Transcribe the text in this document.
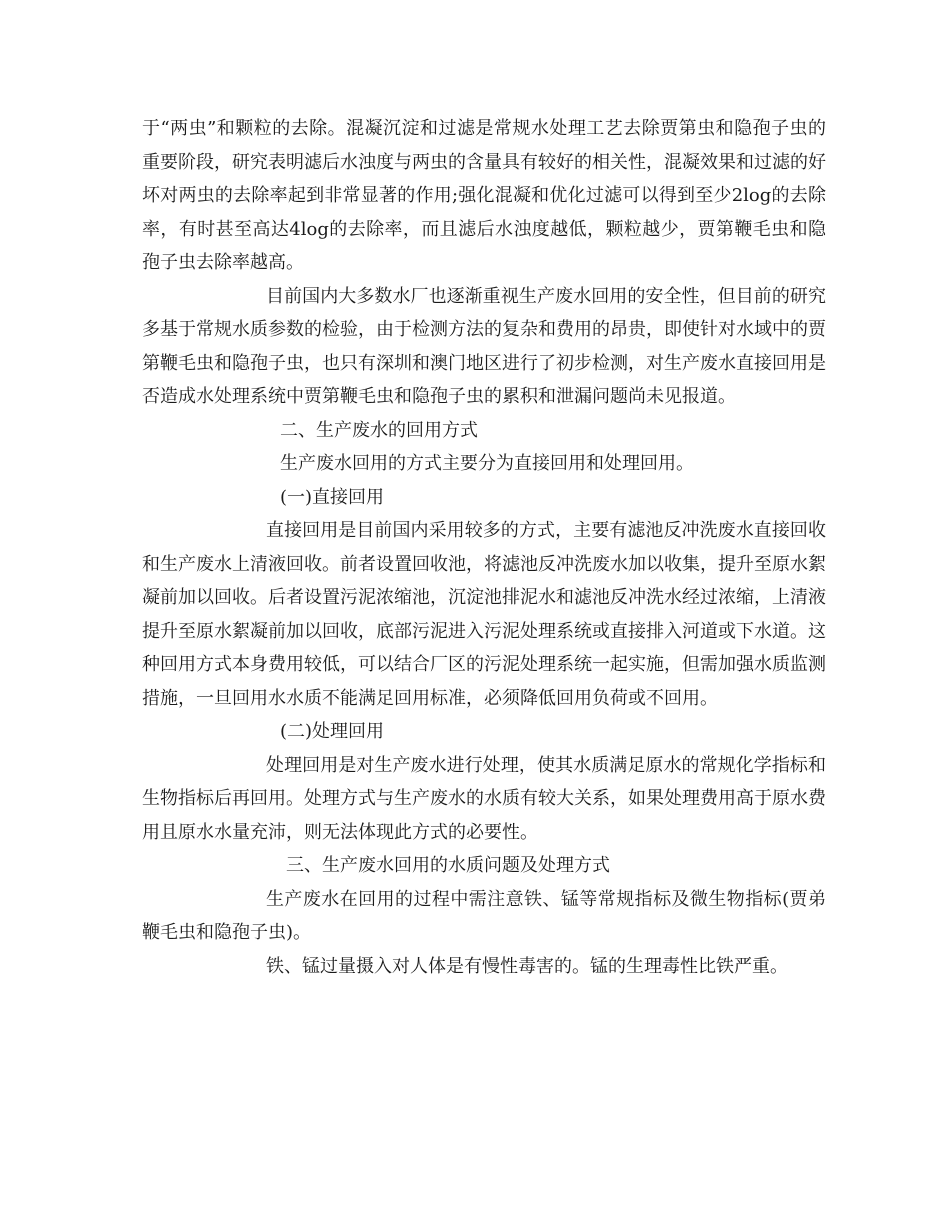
于“两虫”和颗粒的去除。混凝沉淀和过滤是常规水处理工艺去除贾第虫和隐孢子虫的重要阶段，研究表明滤后水浊度与两虫的含量具有较好的相关性，混凝效果和过滤的好坏对两虫的去除率起到非常显著的作用;强化混凝和优化过滤可以得到至少2log的去除率，有时甚至高达4log的去除率，而且滤后水浊度越低，颗粒越少，贾第鞭毛虫和隐孢子虫去除率越高。

目前国内大多数水厂也逐渐重视生产废水回用的安全性，但目前的研究多基于常规水质参数的检验，由于检测方法的复杂和费用的昂贵，即使针对水域中的贾第鞭毛虫和隐孢子虫，也只有深圳和澳门地区进行了初步检测，对生产废水直接回用是否造成水处理系统中贾第鞭毛虫和隐孢子虫的累积和泄漏问题尚未见报道。

二、生产废水的回用方式

生产废水回用的方式主要分为直接回用和处理回用。

(一)直接回用

直接回用是目前国内采用较多的方式，主要有滤池反冲洗废水直接回收和生产废水上清液回收。前者设置回收池，将滤池反冲洗废水加以收集，提升至原水絮凝前加以回收。后者设置污泥浓缩池，沉淀池排泥水和滤池反冲洗水经过浓缩，上清液提升至原水絮凝前加以回收，底部污泥进入污泥处理系统或直接排入河道或下水道。这种回用方式本身费用较低，可以结合厂区的污泥处理系统一起实施，但需加强水质监测措施，一旦回用水水质不能满足回用标准，必须降低回用负荷或不回用。

(二)处理回用

处理回用是对生产废水进行处理，使其水质满足原水的常规化学指标和生物指标后再回用。处理方式与生产废水的水质有较大关系，如果处理费用高于原水费用且原水水量充沛，则无法体现此方式的必要性。

三、生产废水回用的水质问题及处理方式

生产废水在回用的过程中需注意铁、锰等常规指标及微生物指标(贾弟鞭毛虫和隐孢子虫)。

铁、锰过量摄入对人体是有慢性毒害的。锰的生理毒性比铁严重。
